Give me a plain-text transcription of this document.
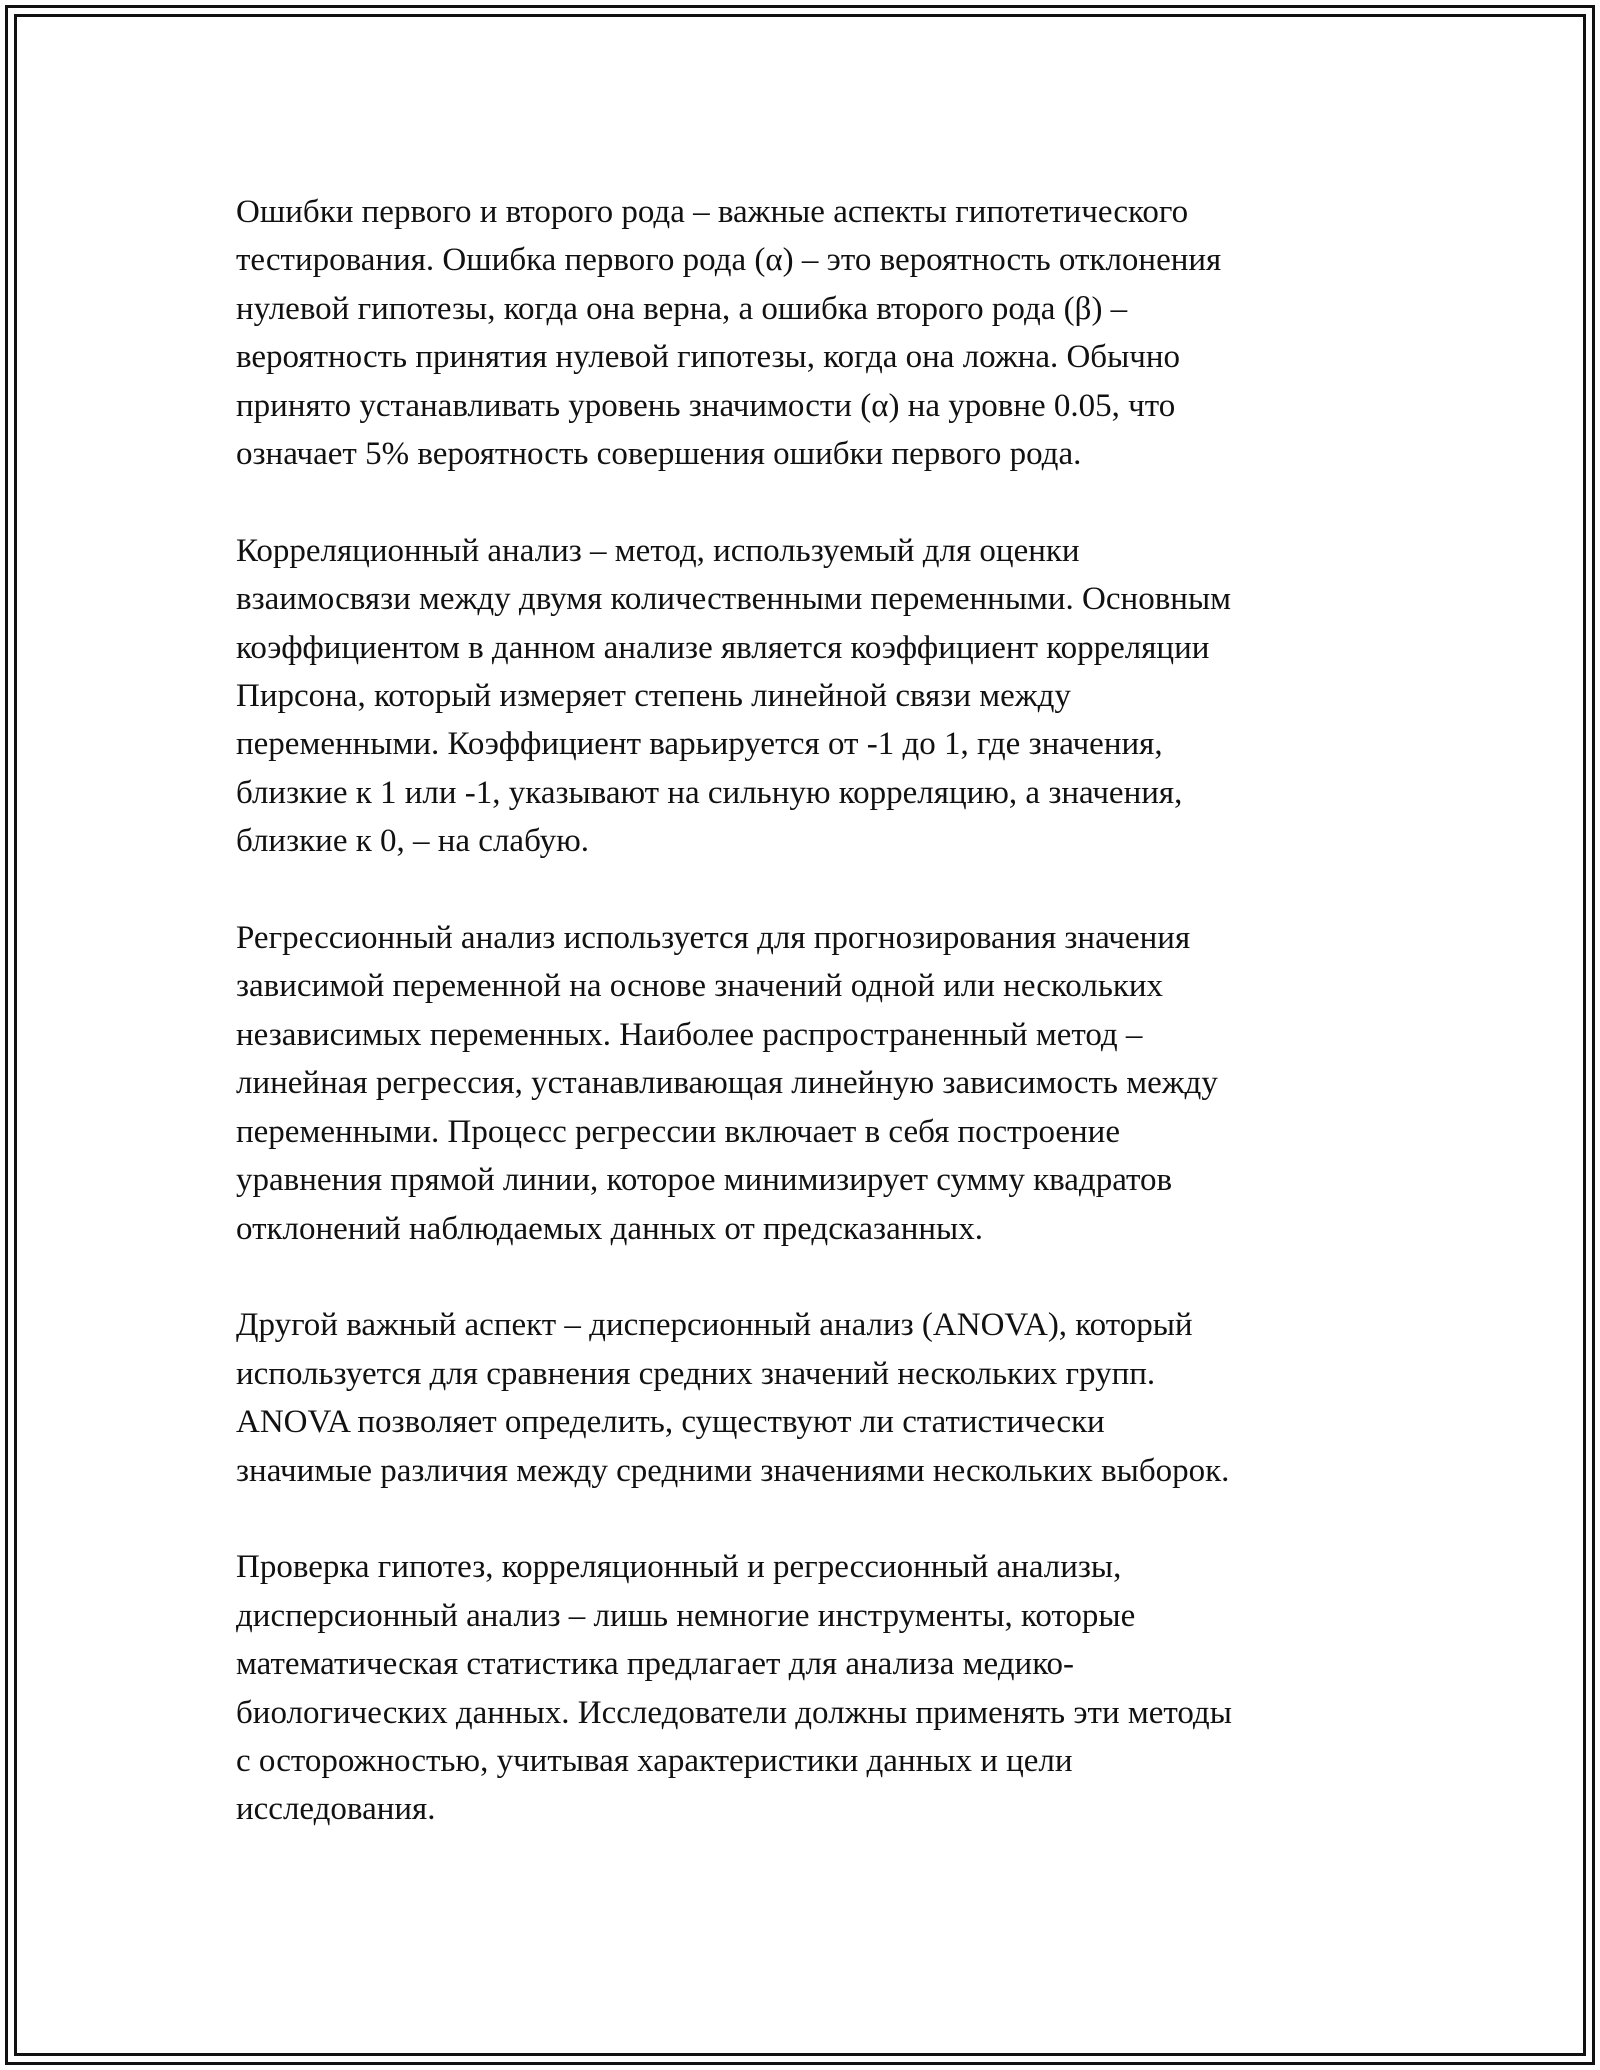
Ошибки первого и второго рода – важные аспекты гипотетического
тестирования. Ошибка первого рода (α) – это вероятность отклонения
нулевой гипотезы, когда она верна, а ошибка второго рода (β) –
вероятность принятия нулевой гипотезы, когда она ложна. Обычно
принято устанавливать уровень значимости (α) на уровне 0.05, что
означает 5% вероятность совершения ошибки первого рода.

Корреляционный анализ – метод, используемый для оценки
взаимосвязи между двумя количественными переменными. Основным
коэффициентом в данном анализе является коэффициент корреляции
Пирсона, который измеряет степень линейной связи между
переменными. Коэффициент варьируется от -1 до 1, где значения,
близкие к 1 или -1, указывают на сильную корреляцию, а значения,
близкие к 0, – на слабую.

Регрессионный анализ используется для прогнозирования значения
зависимой переменной на основе значений одной или нескольких
независимых переменных. Наиболее распространенный метод –
линейная регрессия, устанавливающая линейную зависимость между
переменными. Процесс регрессии включает в себя построение
уравнения прямой линии, которое минимизирует сумму квадратов
отклонений наблюдаемых данных от предсказанных.

Другой важный аспект – дисперсионный анализ (ANOVA), который
используется для сравнения средних значений нескольких групп.
ANOVA позволяет определить, существуют ли статистически
значимые различия между средними значениями нескольких выборок.

Проверка гипотез, корреляционный и регрессионный анализы,
дисперсионный анализ – лишь немногие инструменты, которые
математическая статистика предлагает для анализа медико-
биологических данных. Исследователи должны применять эти методы
с осторожностью, учитывая характеристики данных и цели
исследования.
